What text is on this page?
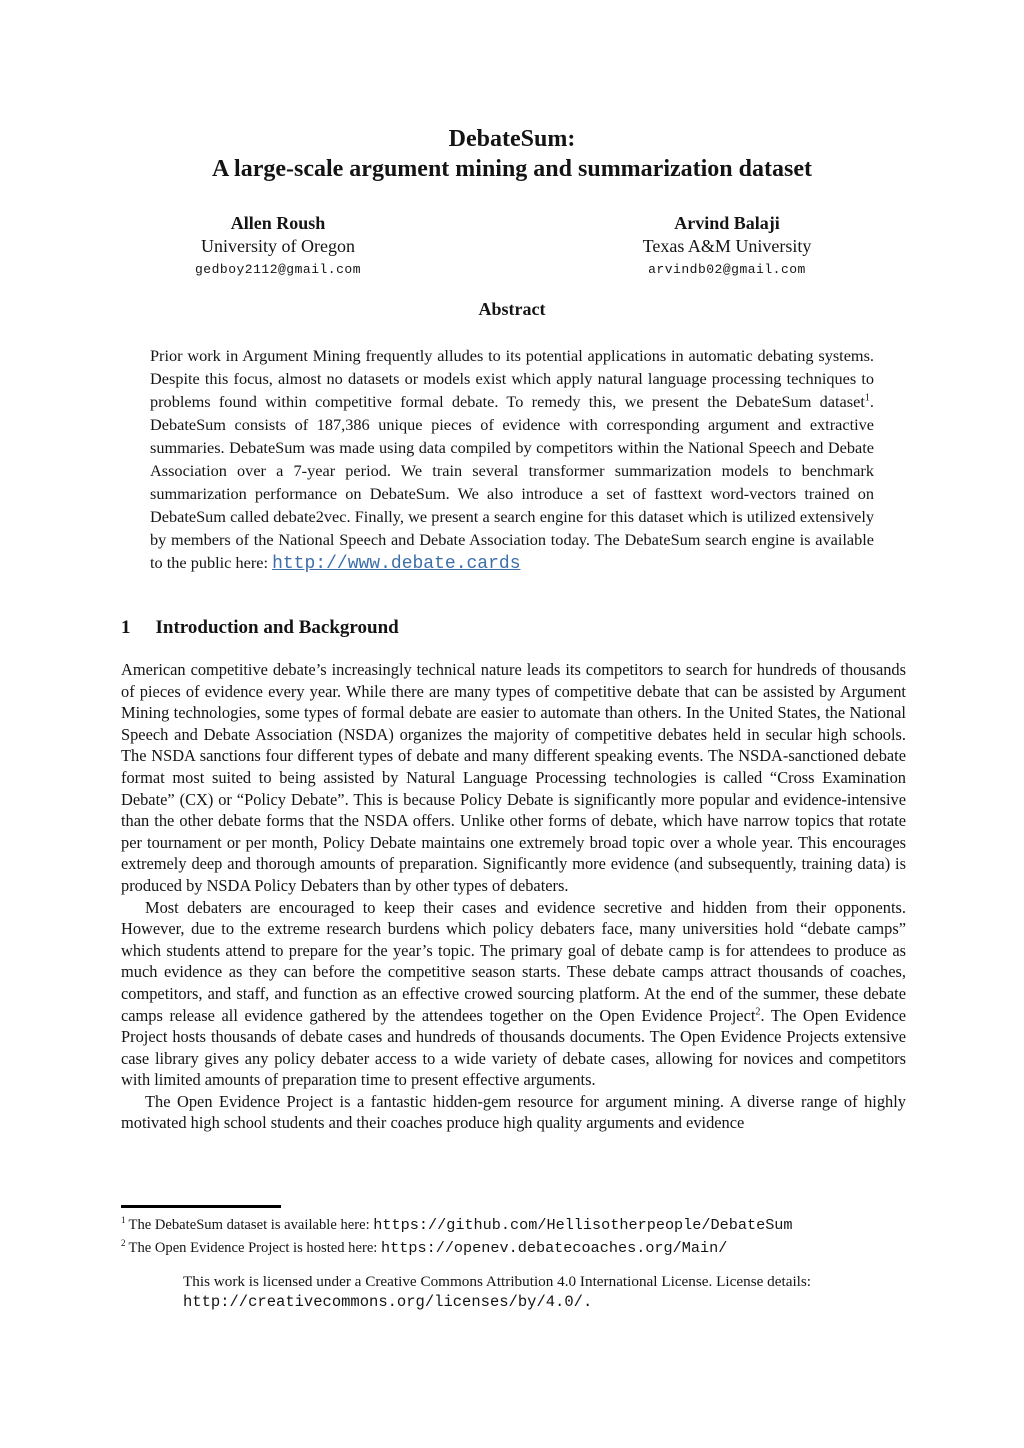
DebateSum:
A large-scale argument mining and summarization dataset
Allen Roush
University of Oregon
gedboy2112@gmail.com
Arvind Balaji
Texas A&M University
arvindb02@gmail.com
Abstract

Prior work in Argument Mining frequently alludes to its potential applications in automatic debating systems. Despite this focus, almost no datasets or models exist which apply natural language processing techniques to problems found within competitive formal debate. To remedy this, we present the DebateSum dataset$^1$. DebateSum consists of 187,386 unique pieces of evidence with corresponding argument and extractive summaries. DebateSum was made using data compiled by competitors within the National Speech and Debate Association over a 7-year period. We train several transformer summarization models to benchmark summarization performance on DebateSum. We also introduce a set of fasttext word-vectors trained on DebateSum called debate2vec. Finally, we present a search engine for this dataset which is utilized extensively by members of the National Speech and Debate Association today. The DebateSum search engine is available to the public here: http://www.debate.cards

1 Introduction and Background

American competitive debate’s increasingly technical nature leads its competitors to search for hundreds of thousands of pieces of evidence every year. While there are many types of competitive debate that can be assisted by Argument Mining technologies, some types of formal debate are easier to automate than others. In the United States, the National Speech and Debate Association (NSDA) organizes the majority of competitive debates held in secular high schools. The NSDA sanctions four different types of debate and many different speaking events. The NSDA-sanctioned debate format most suited to being assisted by Natural Language Processing technologies is called “Cross Examination Debate” (CX) or “Policy Debate”. This is because Policy Debate is significantly more popular and evidence-intensive than the other debate forms that the NSDA offers. Unlike other forms of debate, which have narrow topics that rotate per tournament or per month, Policy Debate maintains one extremely broad topic over a whole year. This encourages extremely deep and thorough amounts of preparation. Significantly more evidence (and subsequently, training data) is produced by NSDA Policy Debaters than by other types of debaters.

Most debaters are encouraged to keep their cases and evidence secretive and hidden from their opponents. However, due to the extreme research burdens which policy debaters face, many universities hold “debate camps” which students attend to prepare for the year’s topic. The primary goal of debate camp is for attendees to produce as much evidence as they can before the competitive season starts. These debate camps attract thousands of coaches, competitors, and staff, and function as an effective crowed sourcing platform. At the end of the summer, these debate camps release all evidence gathered by the attendees together on the Open Evidence Project$^2$. The Open Evidence Project hosts thousands of debate cases and hundreds of thousands documents. The Open Evidence Projects extensive case library gives any policy debater access to a wide variety of debate cases, allowing for novices and competitors with limited amounts of preparation time to present effective arguments.

The Open Evidence Project is a fantastic hidden-gem resource for argument mining. A diverse range of highly motivated high school students and their coaches produce high quality arguments and evidence

$^1$ The DebateSum dataset is available here: https://github.com/Hellisotherpeople/DebateSum
$^2$ The Open Evidence Project is hosted here: https://openev.debatecoaches.org/Main/
This work is licensed under a Creative Commons Attribution 4.0 International License. License details:
http://creativecommons.org/licenses/by/4.0/.
